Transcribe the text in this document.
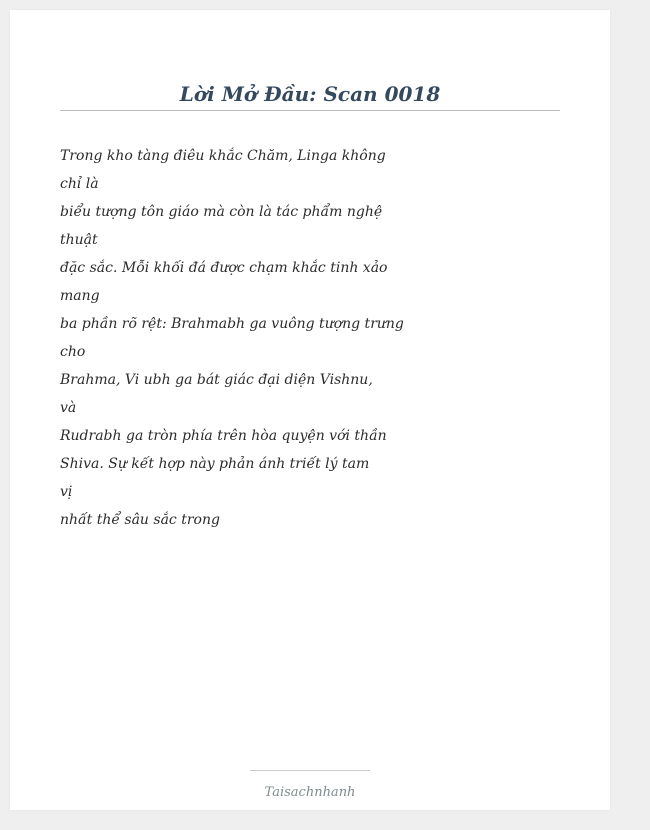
Lời Mở Đầu: Scan 0018
Trong kho tàng điêu khắc Chăm, Linga không
chỉ là
biểu tượng tôn giáo mà còn là tác phẩm nghệ
thuật
đặc sắc. Mỗi khối đá được chạm khắc tinh xảo
mang
ba phần rõ rệt: Brahmabh ga vuông tượng trưng
cho
Brahma, Vi ubh ga bát giác đại diện Vishnu,
và
Rudrabh ga tròn phía trên hòa quyện với thần
Shiva. Sự kết hợp này phản ánh triết lý tam
vị
nhất thể sâu sắc trong
Taisachnhanh
